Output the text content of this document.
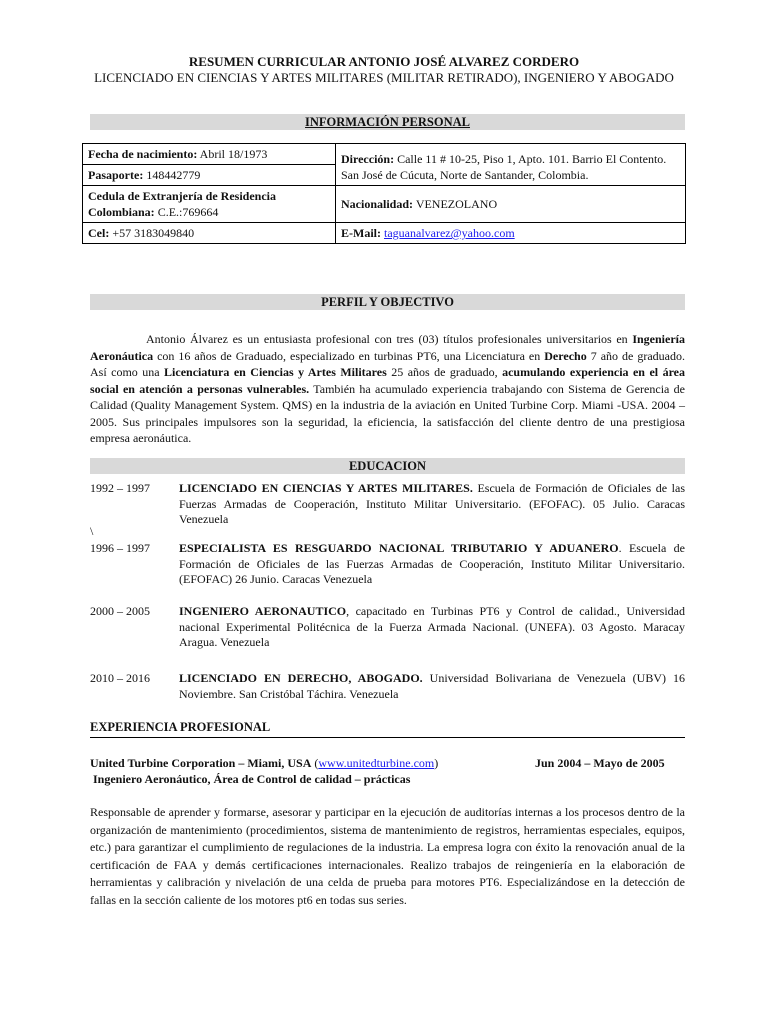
RESUMEN CURRICULAR ANTONIO JOSÉ ALVAREZ CORDERO
LICENCIADO EN CIENCIAS Y ARTES MILITARES (MILITAR RETIRADO), INGENIERO Y ABOGADO
INFORMACIÓN PERSONAL
Fecha de nacimiento: Abril 18/1973	Dirección: Calle 11 # 10-25, Piso 1, Apto. 101. Barrio El Contento.
San José de Cúcuta, Norte de Santander, Colombia.
Pasaporte: 148442779	
Cedula de Extranjería de Residencia
Colombiana: C.E.:769664	Nacionalidad: VENEZOLANO
Cel: +57 3183049840	E-Mail: taguanalvarez@yahoo.com
PERFIL Y OBJECTIVO
Antonio Álvarez es un entusiasta profesional con tres (03) títulos profesionales universitarios en Ingeniería Aeronáutica con 16 años de Graduado, especializado en turbinas PT6, una Licenciatura en Derecho 7 año de graduado. Así como una Licenciatura en Ciencias y Artes Militares 25 años de graduado, acumulando experiencia en el área social en atención a personas vulnerables. También ha acumulado experiencia trabajando con Sistema de Gerencia de Calidad (Quality Management System. QMS) en la industria de la aviación en United Turbine Corp. Miami -USA. 2004 – 2005. Sus principales impulsores son la seguridad, la eficiencia, la satisfacción del cliente dentro de una prestigiosa empresa aeronáutica.
EDUCACION
1992 – 1997	LICENCIADO EN CIENCIAS Y ARTES MILITARES. Escuela de Formación de Oficiales de las Fuerzas Armadas de Cooperación, Instituto Militar Universitario. (EFOFAC). 05 Julio. Caracas Venezuela
\
1996 – 1997	ESPECIALISTA ES RESGUARDO NACIONAL TRIBUTARIO Y ADUANERO. Escuela de Formación de Oficiales de las Fuerzas Armadas de Cooperación, Instituto Militar Universitario. (EFOFAC) 26 Junio. Caracas Venezuela
2000 – 2005	INGENIERO AERONAUTICO, capacitado en Turbinas PT6 y Control de calidad., Universidad nacional Experimental Politécnica de la Fuerza Armada Nacional. (UNEFA). 03 Agosto. Maracay Aragua. Venezuela
2010 – 2016	LICENCIADO EN DERECHO, ABOGADO. Universidad Bolivariana de Venezuela (UBV) 16 Noviembre. San Cristóbal Táchira. Venezuela
EXPERIENCIA PROFESIONAL
United Turbine Corporation – Miami, USA (www.unitedturbine.com)	Jun 2004 – Mayo de 2005
Ingeniero Aeronáutico, Área de Control de calidad – prácticas
Responsable de aprender y formarse, asesorar y participar en la ejecución de auditorías internas a los procesos dentro de la organización de mantenimiento (procedimientos, sistema de mantenimiento de registros, herramientas especiales, equipos, etc.) para garantizar el cumplimiento de regulaciones de la industria. La empresa logra con éxito la renovación anual de la certificación de FAA y demás certificaciones internacionales. Realizo trabajos de reingeniería en la elaboración de herramientas y calibración y nivelación de una celda de prueba para motores PT6. Especializándose en la detección de fallas en la sección caliente de los motores pt6 en todas sus series.
